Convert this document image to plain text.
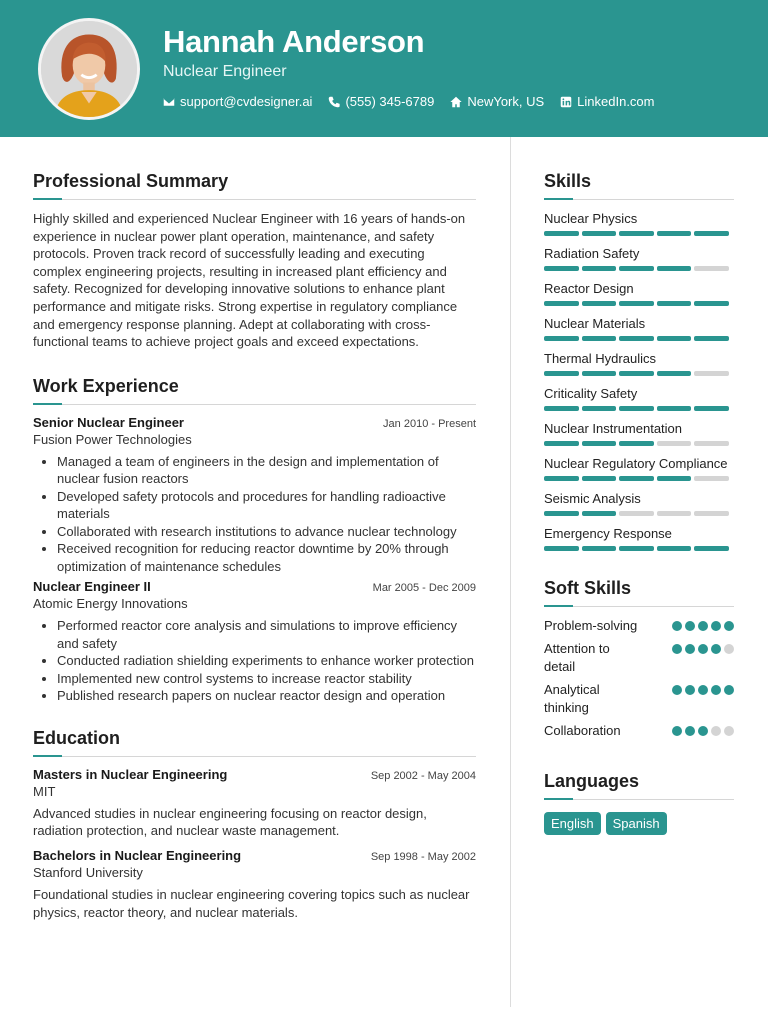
Hannah Anderson
Nuclear Engineer
support@cvdesigner.ai	(555) 345-6789	NewYork, US	LinkedIn.com
Professional Summary

Highly skilled and experienced Nuclear Engineer with 16 years of hands-on experience in nuclear power plant operation, maintenance, and safety protocols. Proven track record of successfully leading and executing complex engineering projects, resulting in increased plant efficiency and safety. Recognized for developing innovative solutions to enhance plant performance and mitigate risks. Strong expertise in regulatory compliance and emergency response planning. Adept at collaborating with cross-functional teams to achieve project goals and exceed expectations.

Work Experience
Senior Nuclear Engineer	Jan 2010 - Present
Fusion Power Technologies
• Managed a team of engineers in the design and implementation of nuclear fusion reactors
• Developed safety protocols and procedures for handling radioactive materials
• Collaborated with research institutions to advance nuclear technology
• Received recognition for reducing reactor downtime by 20% through optimization of maintenance schedules
Nuclear Engineer II	Mar 2005 - Dec 2009
Atomic Energy Innovations
• Performed reactor core analysis and simulations to improve efficiency and safety
• Conducted radiation shielding experiments to enhance worker protection
• Implemented new control systems to increase reactor stability
• Published research papers on nuclear reactor design and operation
Education
Masters in Nuclear Engineering	Sep 2002 - May 2004
MIT

Advanced studies in nuclear engineering focusing on reactor design, radiation protection, and nuclear waste management.

Bachelors in Nuclear Engineering	Sep 1998 - May 2002
Stanford University

Foundational studies in nuclear engineering covering topics such as nuclear physics, reactor theory, and nuclear materials.

Skills
Nuclear Physics
Radiation Safety
Reactor Design
Nuclear Materials
Thermal Hydraulics
Criticality Safety
Nuclear Instrumentation
Nuclear Regulatory Compliance
Seismic Analysis
Emergency Response
Soft Skills
Problem-solving
Attention to detail
Analytical thinking
Collaboration
Languages
English	Spanish
